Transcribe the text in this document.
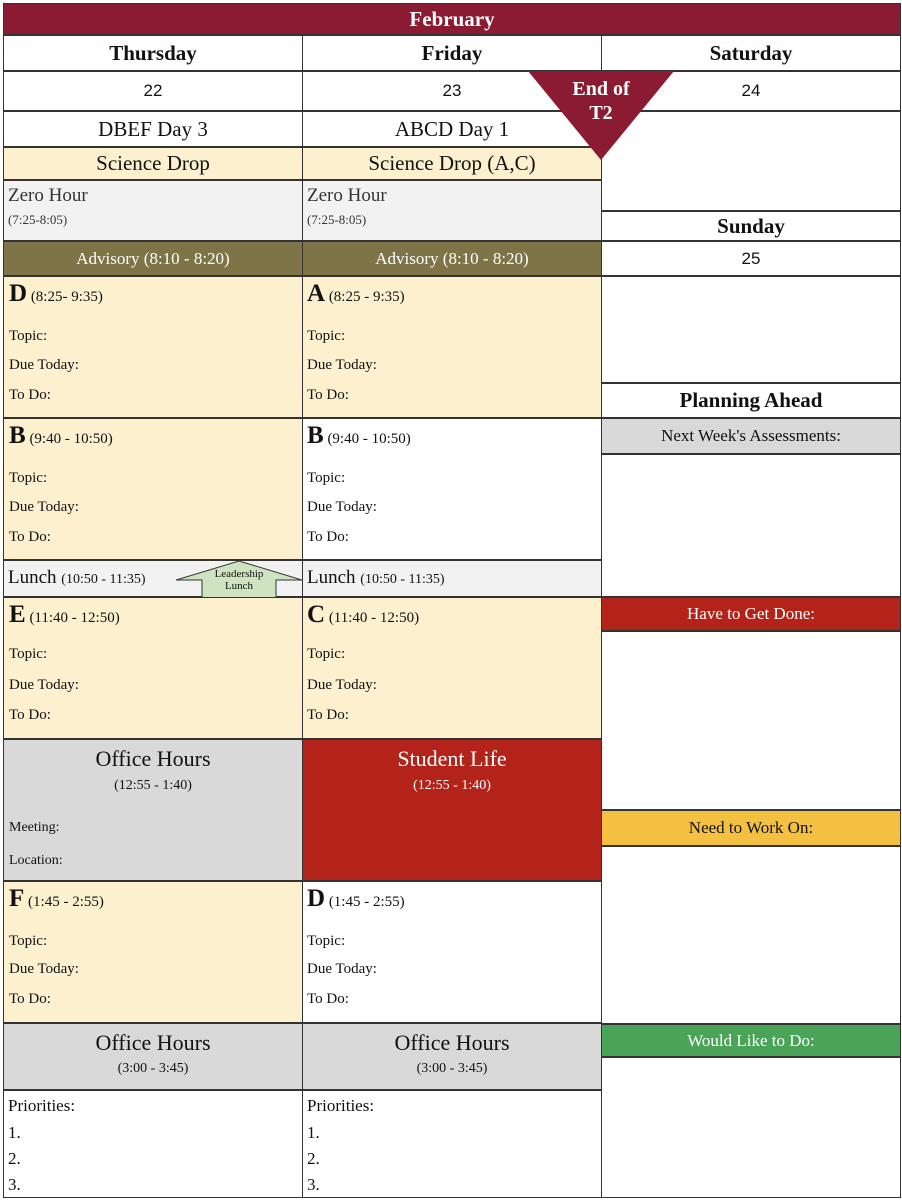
February
Thursday
22
DBEF Day 3
Science Drop
Zero Hour
(7:25-8:05)
Advisory (8:10 - 8:20)
D (8:25- 9:35)
Topic:
Due Today:
To Do:
B (9:40 - 10:50)
Topic:
Due Today:
To Do:
Lunch (10:50 - 11:35)
E (11:40 - 12:50)
Topic:
Due Today:
To Do:
Office Hours
(12:55 - 1:40)
Meeting:
Location:
F (1:45 - 2:55)
Topic:
Due Today:
To Do:
Office Hours
(3:00 - 3:45)
Priorities:
1.
2.
3.
Friday
23
ABCD Day 1
Science Drop (A,C)
Zero Hour
(7:25-8:05)
Advisory (8:10 - 8:20)
A (8:25 - 9:35)
Topic:
Due Today:
To Do:
B (9:40 - 10:50)
Topic:
Due Today:
To Do:
Lunch (10:50 - 11:35)
C (11:40 - 12:50)
Topic:
Due Today:
To Do:
Student Life
(12:55 - 1:40)
D (1:45 - 2:55)
Topic:
Due Today:
To Do:
Office Hours
(3:00 - 3:45)
Priorities:
1.
2.
3.
Saturday
24
Sunday
25
Planning Ahead
Next Week's Assessments:
Have to Get Done:
Need to Work On:
Would Like to Do:
End of
T2
Leadership
Lunch
